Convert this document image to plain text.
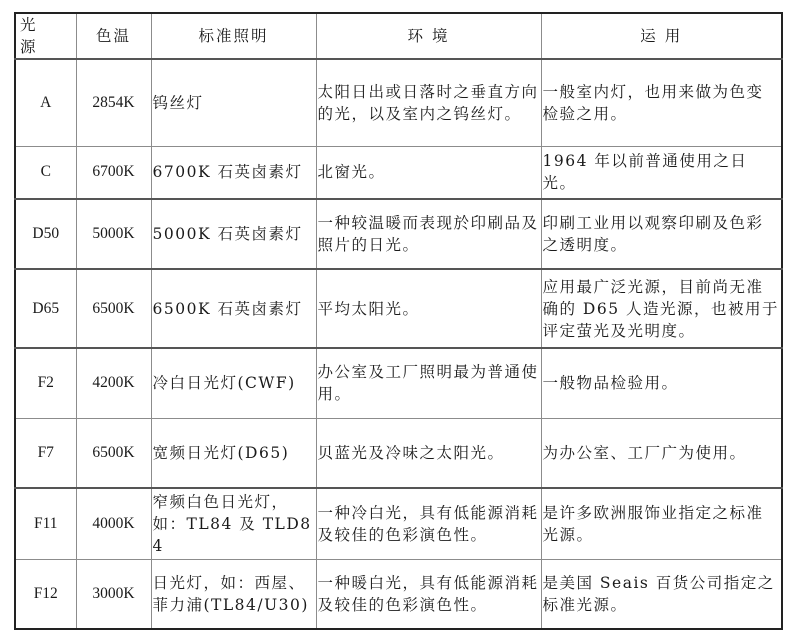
光　源	色温	标准照明	环 境	运 用
A	2854K	钨丝灯	太阳日出或日落时之垂直方向的光，以及室内之钨丝灯。	一般室内灯，也用来做为色变检验之用。
C	6700K	6700K 石英卤素灯	北窗光。	1964 年以前普通使用之日光。
D50	5000K	5000K 石英卤素灯	一种较温暖而表现於印刷品及照片的日光。	印刷工业用以观察印刷及色彩之透明度。
D65	6500K	6500K 石英卤素灯	平均太阳光。	应用最广泛光源，目前尚无准确的 D65 人造光源，也被用于评定萤光及光明度。
F2	4200K	冷白日光灯(CWF)	办公室及工厂照明最为普通使用。	一般物品检验用。
F7	6500K	宽频日光灯(D65)	贝蓝光及冷味之太阳光。	为办公室、工厂广为使用。
F11	4000K	窄频白色日光灯，如：TL84 及 TLD84	一种冷白光，具有低能源消耗及较佳的色彩演色性。	是许多欧洲服饰业指定之标准光源。
F12	3000K	日光灯，如：西屋、菲力浦(TL84/U30)	一种暖白光，具有低能源消耗及较佳的色彩演色性。	是美国 Seais 百货公司指定之标准光源。
